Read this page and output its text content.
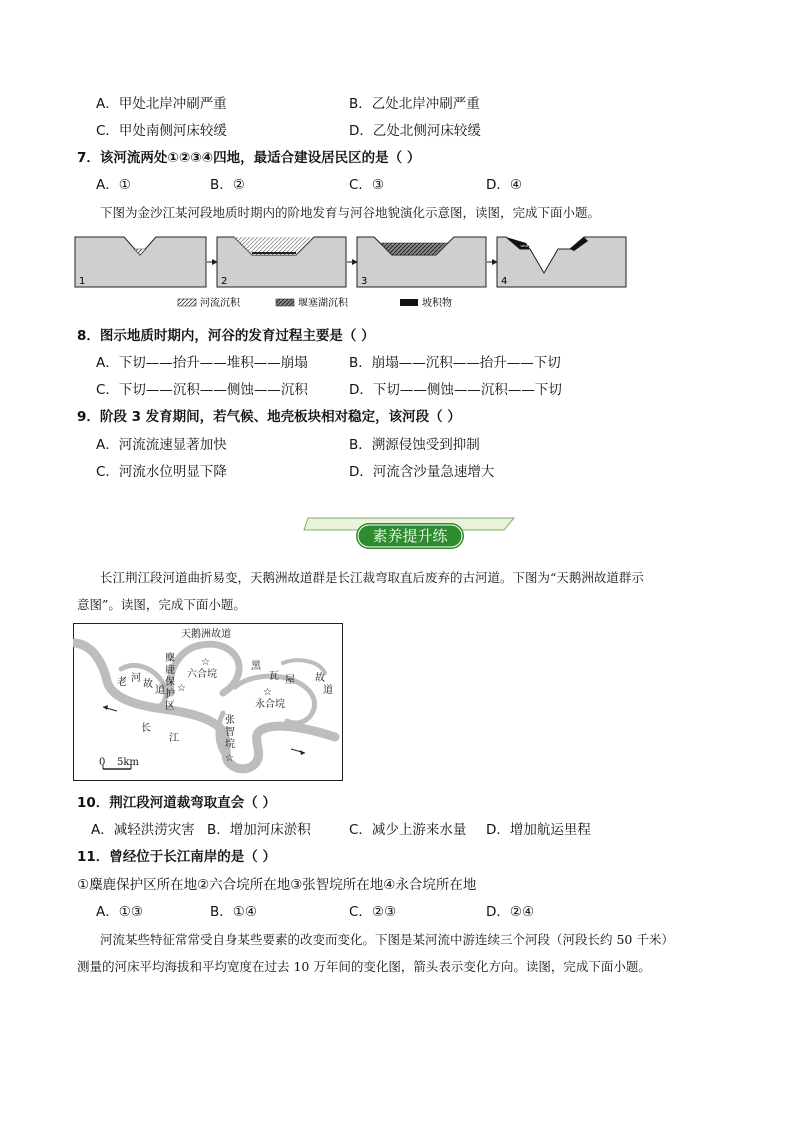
A．甲处北岸冲刷严重	B．乙处北岸冲刷严重
C．甲处南侧河床较缓	D．乙处北侧河床较缓
7．该河流两处①②③④四地，最适合建设居民区的是（ ）
A．①	B．②	C．③	D．④
下图为金沙江某河段地质时期内的阶地发育与河谷地貌演化示意图，读图，完成下面小题。
1	2	3	4
河流沉积	堰塞湖沉积	坡积物
8．图示地质时期内，河谷的发育过程主要是（ ）
A．下切——抬升——堆积——崩塌	B．崩塌——沉积——抬升——下切
C．下切——沉积——侧蚀——沉积	D．下切——侧蚀——沉积——下切
9．阶段 3 发育期间，若气候、地壳板块相对稳定，该河段（ ）
A．河流流速显著加快	B．溯源侵蚀受到抑制
C．河流水位明显下降	D．河流含沙量急速增大
素养提升练
长江荆江段河道曲折易变，天鹅洲故道群是长江裁弯取直后废弃的古河道。下图为“天鹅洲故道群示
意图”。读图，完成下面小题。
天鹅洲故道
麋
鹿
保
护
区
☆
☆
六合垸
老 河
故
道
黑
瓦 屋 故
道
☆
永合垸
长
江
张
智
垸
☆
0 5km
10．荆江段河道裁弯取直会（ ）
A．减轻洪涝灾害 B．增加河床淤积	C．减少上游来水量 D．增加航运里程
11．曾经位于长江南岸的是（ ）
①麋鹿保护区所在地②六合垸所在地③张智垸所在地④永合垸所在地
A．①③	B．①④	C．②③	D．②④
河流某些特征常常受自身某些要素的改变而变化。下图是某河流中游连续三个河段（河段长约 50 千米）
测量的河床平均海拔和平均宽度在过去 10 万年间的变化图，箭头表示变化方向。读图，完成下面小题。
